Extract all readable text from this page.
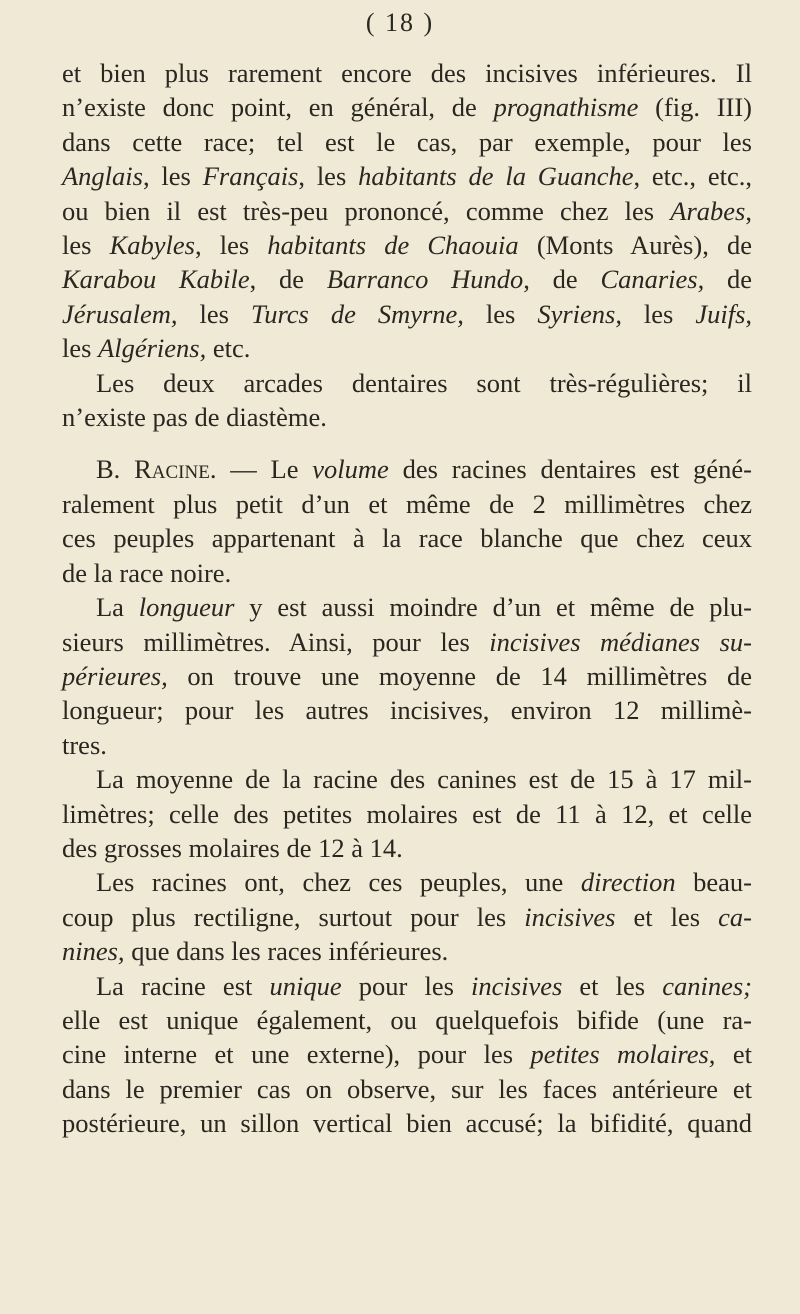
( 18 )
et bien plus rarement encore des incisives inférieures. Il
n’existe donc point, en général, de prognathisme (fig. III)
dans cette race; tel est le cas, par exemple, pour les
Anglais, les Français, les habitants de la Guanche, etc., etc.,
ou bien il est très-peu prononcé, comme chez les Arabes,
les Kabyles, les habitants de Chaouia (Monts Aurès), de
Karabou Kabile, de Barranco Hundo, de Canaries, de
Jérusalem, les Turcs de Smyrne, les Syriens, les Juifs,
les Algériens, etc.
Les deux arcades dentaires sont très-régulières; il
n’existe pas de diastème.
B. Racine. — Le volume des racines dentaires est géné-
ralement plus petit d’un et même de 2 millimètres chez
ces peuples appartenant à la race blanche que chez ceux
de la race noire.
La longueur y est aussi moindre d’un et même de plu-
sieurs millimètres. Ainsi, pour les incisives médianes su-
périeures, on trouve une moyenne de 14 millimètres de
longueur; pour les autres incisives, environ 12 millimè-
tres.
La moyenne de la racine des canines est de 15 à 17 mil-
limètres; celle des petites molaires est de 11 à 12, et celle
des grosses molaires de 12 à 14.
Les racines ont, chez ces peuples, une direction beau-
coup plus rectiligne, surtout pour les incisives et les ca-
nines, que dans les races inférieures.
La racine est unique pour les incisives et les canines;
elle est unique également, ou quelquefois bifide (une ra-
cine interne et une externe), pour les petites molaires, et
dans le premier cas on observe, sur les faces antérieure et
postérieure, un sillon vertical bien accusé; la bifidité, quand
